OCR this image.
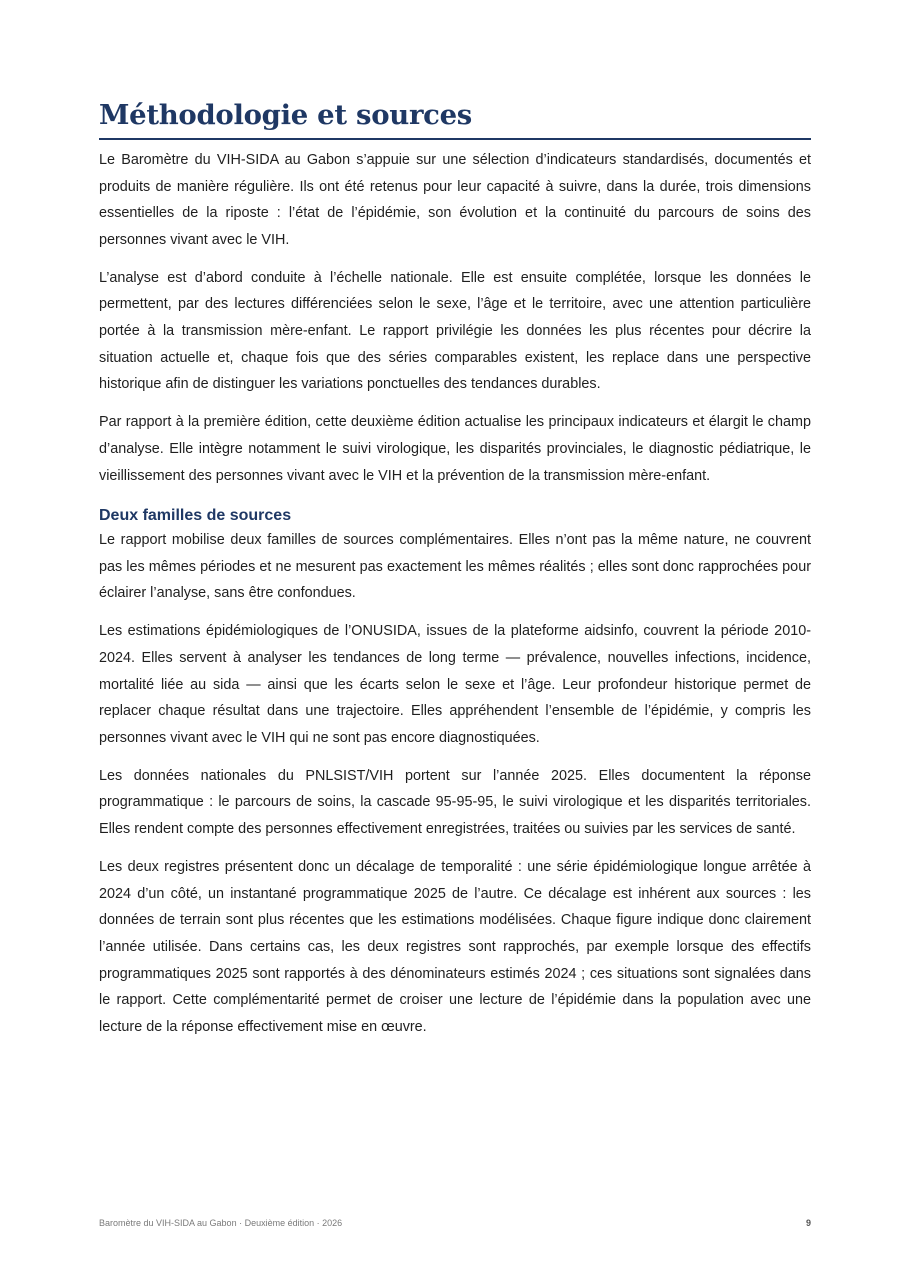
Méthodologie et sources

Le Baromètre du VIH-SIDA au Gabon s’appuie sur une sélection d’indicateurs standardisés, documentés et produits de manière régulière. Ils ont été retenus pour leur capacité à suivre, dans la durée, trois dimensions essentielles de la riposte : l’état de l’épidémie, son évolution et la continuité du parcours de soins des personnes vivant avec le VIH.

L’analyse est d’abord conduite à l’échelle nationale. Elle est ensuite complétée, lorsque les données le permettent, par des lectures différenciées selon le sexe, l’âge et le territoire, avec une attention particulière portée à la transmission mère-enfant. Le rapport privilégie les données les plus récentes pour décrire la situation actuelle et, chaque fois que des séries comparables existent, les replace dans une perspective historique afin de distinguer les variations ponctuelles des tendances durables.

Par rapport à la première édition, cette deuxième édition actualise les principaux indicateurs et élargit le champ d’analyse. Elle intègre notamment le suivi virologique, les disparités provinciales, le diagnostic pédiatrique, le vieillissement des personnes vivant avec le VIH et la prévention de la transmission mère-enfant.

Deux familles de sources

Le rapport mobilise deux familles de sources complémentaires. Elles n’ont pas la même nature, ne couvrent pas les mêmes périodes et ne mesurent pas exactement les mêmes réalités ; elles sont donc rapprochées pour éclairer l’analyse, sans être confondues.

Les estimations épidémiologiques de l’ONUSIDA, issues de la plateforme aidsinfo, couvrent la période 2010-2024. Elles servent à analyser les tendances de long terme — prévalence, nouvelles infections, incidence, mortalité liée au sida — ainsi que les écarts selon le sexe et l’âge. Leur profondeur historique permet de replacer chaque résultat dans une trajectoire. Elles appréhendent l’ensemble de l’épidémie, y compris les personnes vivant avec le VIH qui ne sont pas encore diagnostiquées.

Les données nationales du PNLSIST/VIH portent sur l’année 2025. Elles documentent la réponse programmatique : le parcours de soins, la cascade 95-95-95, le suivi virologique et les disparités territoriales. Elles rendent compte des personnes effectivement enregistrées, traitées ou suivies par les services de santé.

Les deux registres présentent donc un décalage de temporalité : une série épidémiologique longue arrêtée à 2024 d’un côté, un instantané programmatique 2025 de l’autre. Ce décalage est inhérent aux sources : les données de terrain sont plus récentes que les estimations modélisées. Chaque figure indique donc clairement l’année utilisée. Dans certains cas, les deux registres sont rapprochés, par exemple lorsque des effectifs programmatiques 2025 sont rapportés à des dénominateurs estimés 2024 ; ces situations sont signalées dans le rapport. Cette complémentarité permet de croiser une lecture de l’épidémie dans la population avec une lecture de la réponse effectivement mise en œuvre.

Baromètre du VIH-SIDA au Gabon · Deuxième édition · 2026	9
